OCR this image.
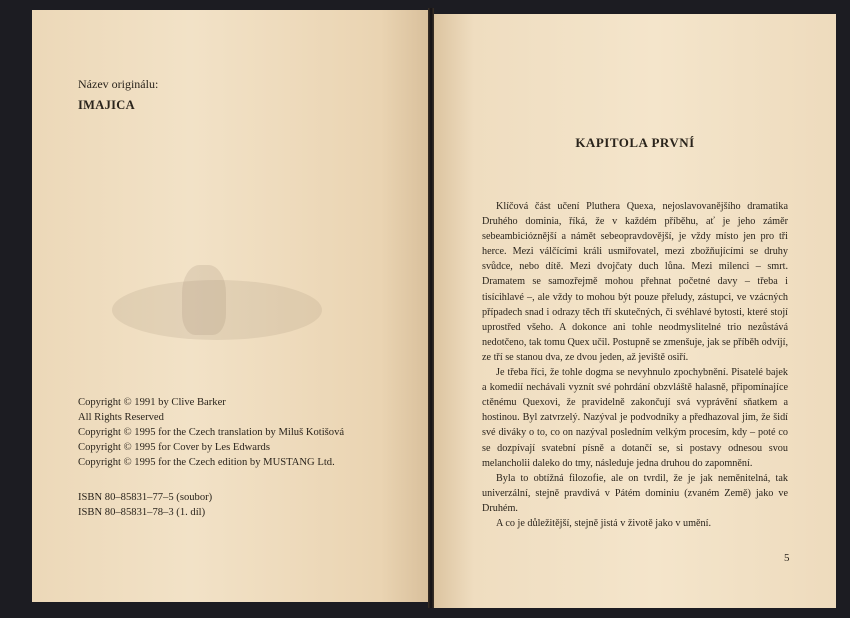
Název originálu:
IMAJICA
Copyright © 1991 by Clive Barker
All Rights Reserved
Copyright © 1995 for the Czech translation by Miluš Kotišová
Copyright © 1995 for Cover by Les Edwards
Copyright © 1995 for the Czech edition by MUSTANG Ltd.
ISBN 80–85831–77–5 (soubor)
ISBN 80–85831–78–3 (1. díl)
KAPITOLA PRVNÍ

Klíčová část učení Pluthera Quexa, nejoslavovanějšího dramatika Druhého dominia, říká, že v každém příběhu, ať je jeho záměr sebeambicióznější a námět sebeopravdovější, je vždy místo jen pro tři herce. Mezi válčícími králi usmiřovatel, mezi zbožňujícími se druhy svůdce, nebo dítě. Mezi dvojčaty duch lůna. Mezi milenci – smrt. Dramatem se samozřejmě mohou přehnat početné davy – třeba i tisícihlavé –, ale vždy to mohou být pouze přeludy, zástupci, ve vzácných případech snad i odrazy těch tří skutečných, či svéhlavé bytosti, které stojí uprostřed všeho. A dokonce ani tohle neodmyslitelné trio nezůstává nedotčeno, tak tomu Quex učil. Postupně se zmenšuje, jak se příběh odvíjí, ze tří se stanou dva, ze dvou jeden, až jeviště osiří.

Je třeba říci, že tohle dogma se nevyhnulo zpochybnění. Pisatelé bajek a komedií nechávali vyznít své pohrdání obzvláště halasně, připomínajíce ctěnému Quexovi, že pravidelně zakončují svá vyprávění sňatkem a hostinou. Byl zatvrzelý. Nazýval je podvodníky a předhazoval jim, že šidí své diváky o to, co on nazýval posledním velkým procesím, kdy – poté co se dozpívají svatební písně a dotančí se, si postavy odnesou svou melancholii daleko do tmy, následuje jedna druhou do zapomnění.

Byla to obtížná filozofie, ale on tvrdil, že je jak neměnitelná, tak univerzální, stejně pravdivá v Pátém dominiu (zvaném Země) jako ve Druhém.

A co je důležitější, stejně jistá v životě jako v umění.

5
